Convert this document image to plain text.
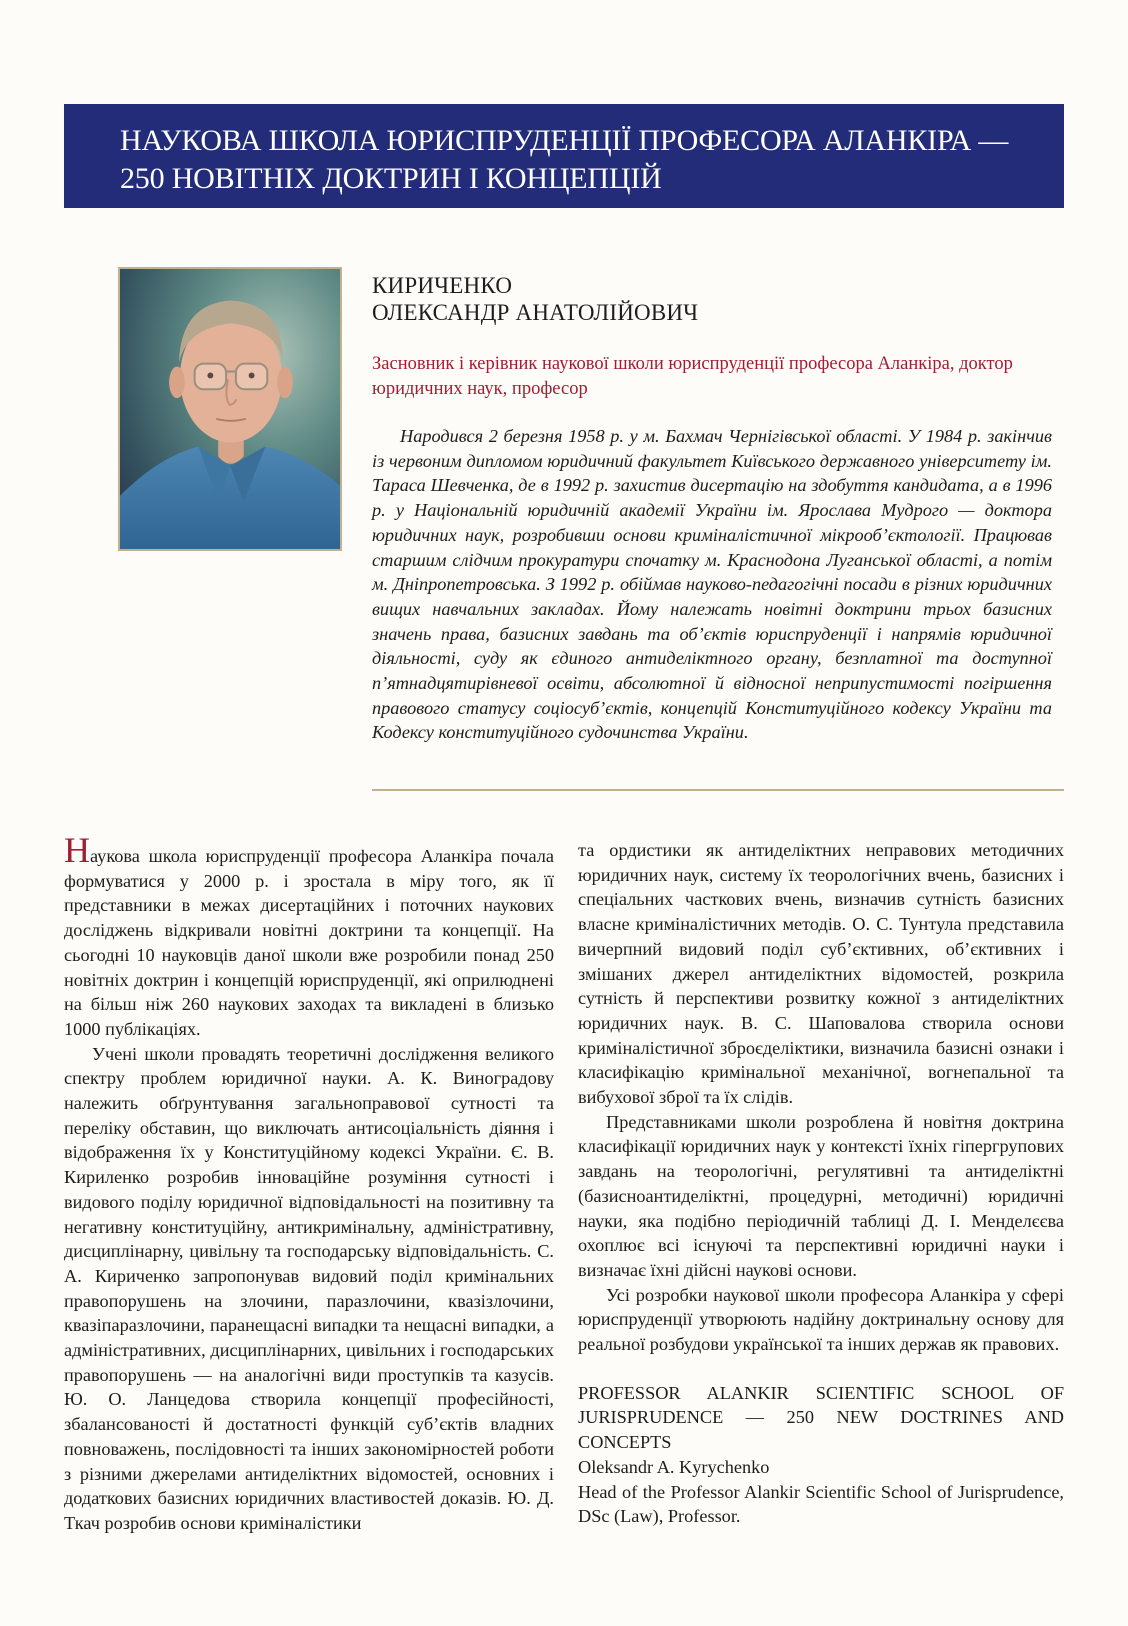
НАУКОВА ШКОЛА ЮРИСПРУДЕНЦІЇ ПРОФЕСОРА АЛАНКІРА —
250 НОВІТНІХ ДОКТРИН І КОНЦЕПЦІЙ
КИРИЧЕНКО
ОЛЕКСАНДР АНАТОЛІЙОВИЧ
Засновник і керівник наукової школи юриспруденції професора Аланкіра, доктор юридичних наук, професор

Народився 2 березня 1958 р. у м. Бахмач Чернігівської області. У 1984 р. закінчив із червоним дипломом юридичний факультет Київського державного університету ім. Тараса Шевченка, де в 1992 р. захистив дисертацію на здобуття кандидата, а в 1996 р. у Національній юридичній академії України ім. Ярослава Мудрого — доктора юридичних наук, розробивши основи криміналістичної мікрооб’єктології. Працював старшим слідчим прокуратури спочатку м. Краснодона Луганської області, а потім м. Дніпропетровська. З 1992 р. обіймав науково-педагогічні посади в різних юридичних вищих навчальних закладах. Йому належать новітні доктрини трьох базисних значень права, базисних завдань та об’єктів юриспруденції і напрямів юридичної діяльності, суду як єдиного антиделіктного органу, безплатної та доступної п’ятнадцятирівневої освіти, абсолютної й відносної неприпустимості погіршення правового статусу соціосуб’єктів, концепцій Конституційного кодексу України та Кодексу конституційного судочинства України.

Наукова школа юриспруденції професора Аланкіра почала формуватися у 2000 р. і зростала в міру того, як її представники в межах дисертаційних і поточних наукових досліджень відкривали новітні доктрини та концепції. На сьогодні 10 науковців даної школи вже розробили понад 250 новітніх доктрин і концепцій юриспруденції, які оприлюднені на більш ніж 260 наукових заходах та викладені в близько 1000 публікаціях.

Учені школи провадять теоретичні дослідження великого спектру проблем юридичної науки. А. К. Виноградову належить обґрунтування загальноправової сутності та переліку обставин, що виключать антисоціальність діяння і відображення їх у Конституційному кодексі України. Є. В. Кириленко розробив інноваційне розуміння сутності і видового поділу юридичної відповідальності на позитивну та негативну конституційну, антикримінальну, адміністративну, дисциплінарну, цивільну та господарську відповідальність. С. А. Кириченко запропонував видовий поділ кримінальних правопорушень на злочини, паразлочини, квазізлочини, квазіпаразлочини, паранещасні випадки та нещасні випадки, а адміністративних, дисциплінарних, цивільних і господарських правопорушень — на аналогічні види проступків та казусів. Ю. О. Ланцедова створила концепції професійності, збалансованості й достатності функцій суб’єктів владних повноважень, послідовності та інших закономірностей роботи з різними джерелами антиделіктних відомостей, основних і додаткових базисних юридичних властивостей доказів. Ю. Д. Ткач розробив основи криміналістики

та ордистики як антиделіктних неправових методичних юридичних наук, систему їх теорологічних вчень, базисних і спеціальних часткових вчень, визначив сутність базисних власне криміналістичних методів. О. С. Тунтула представила вичерпний видовий поділ суб’єктивних, об’єктивних і змішаних джерел антиделіктних відомостей, розкрила сутність й перспективи розвитку кожної з антиделіктних юридичних наук. В. С. Шаповалова створила основи криміналістичної зброєделіктики, визначила базисні ознаки і класифікацію кримінальної механічної, вогнепальної та вибухової зброї та їх слідів.

Представниками школи розроблена й новітня доктрина класифікації юридичних наук у контексті їхніх гіпергрупових завдань на теорологічні, регулятивні та антиделіктні (базисноантиделіктні, процедурні, методичні) юридичні науки, яка подібно періодичній таблиці Д. І. Менделєєва охоплює всі існуючі та перспективні юридичні науки і визначає їхні дійсні наукові основи.

Усі розробки наукової школи професора Аланкіра у сфері юриспруденції утворюють надійну доктринальну основу для реальної розбудови української та інших держав як правових.

PROFESSOR ALANKIR SCIENTIFIC SCHOOL OF JURISPRUDENCE — 250 NEW DOCTRINES AND CONCEPTS

Oleksandr A. Kyrychenko

Head of the Professor Alankir Scientific School of Jurisprudence, DSc (Law), Professor.
